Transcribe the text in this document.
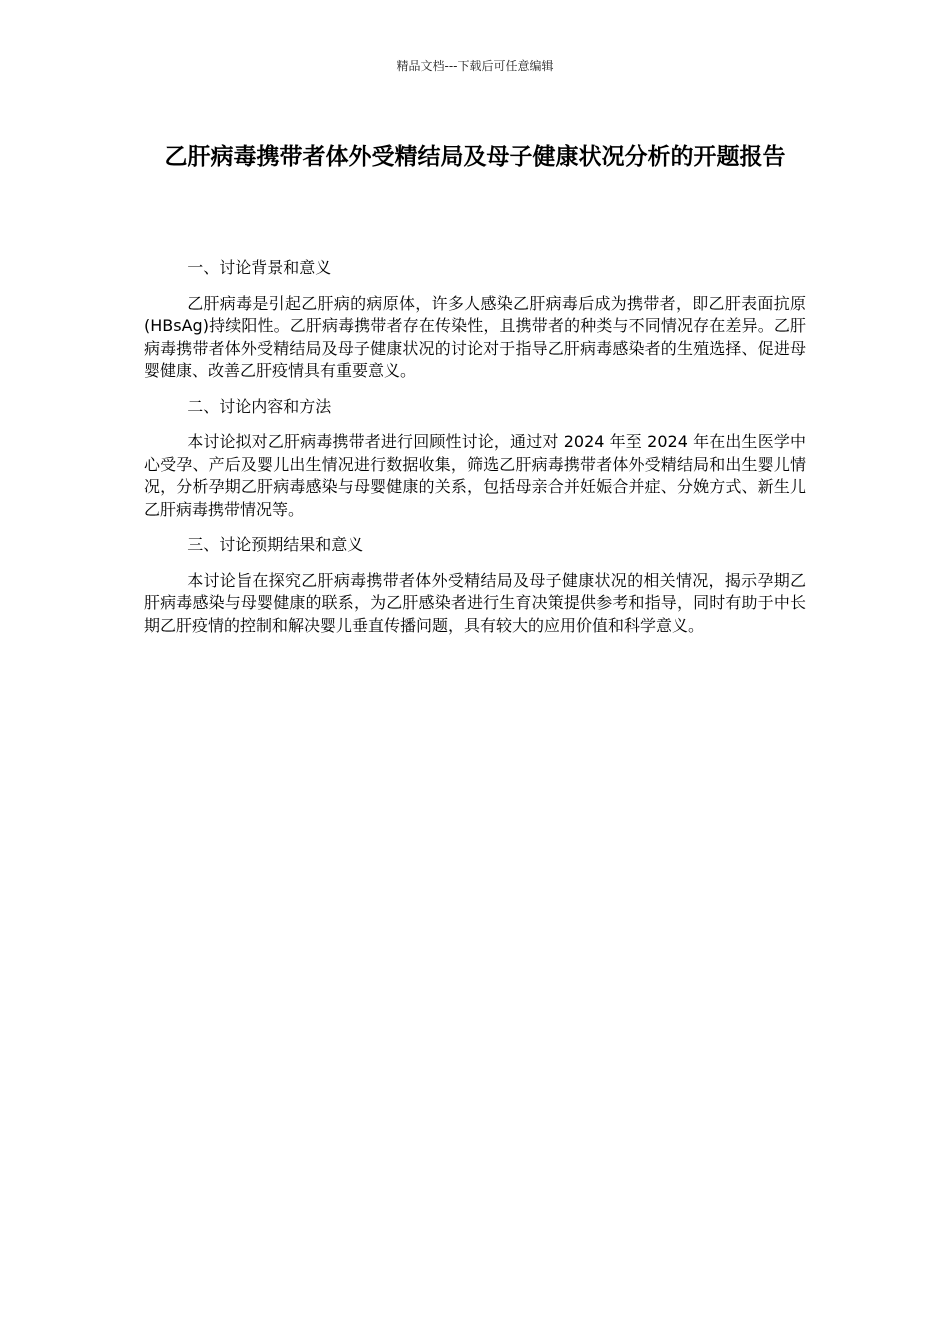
精品文档---下载后可任意编辑
乙肝病毒携带者体外受精结局及母子健康状况分析的开题报告

一、讨论背景和意义

乙肝病毒是引起乙肝病的病原体，许多人感染乙肝病毒后成为携带者，即乙肝表面抗原(HBsAg)持续阳性。乙肝病毒携带者存在传染性，且携带者的种类与不同情况存在差异。乙肝病毒携带者体外受精结局及母子健康状况的讨论对于指导乙肝病毒感染者的生殖选择、促进母婴健康、改善乙肝疫情具有重要意义。

二、讨论内容和方法

本讨论拟对乙肝病毒携带者进行回顾性讨论，通过对 2024 年至 2024 年在出生医学中心受孕、产后及婴儿出生情况进行数据收集，筛选乙肝病毒携带者体外受精结局和出生婴儿情况，分析孕期乙肝病毒感染与母婴健康的关系，包括母亲合并妊娠合并症、分娩方式、新生儿乙肝病毒携带情况等。

三、讨论预期结果和意义

本讨论旨在探究乙肝病毒携带者体外受精结局及母子健康状况的相关情况，揭示孕期乙肝病毒感染与母婴健康的联系，为乙肝感染者进行生育决策提供参考和指导，同时有助于中长期乙肝疫情的控制和解决婴儿垂直传播问题，具有较大的应用价值和科学意义。
